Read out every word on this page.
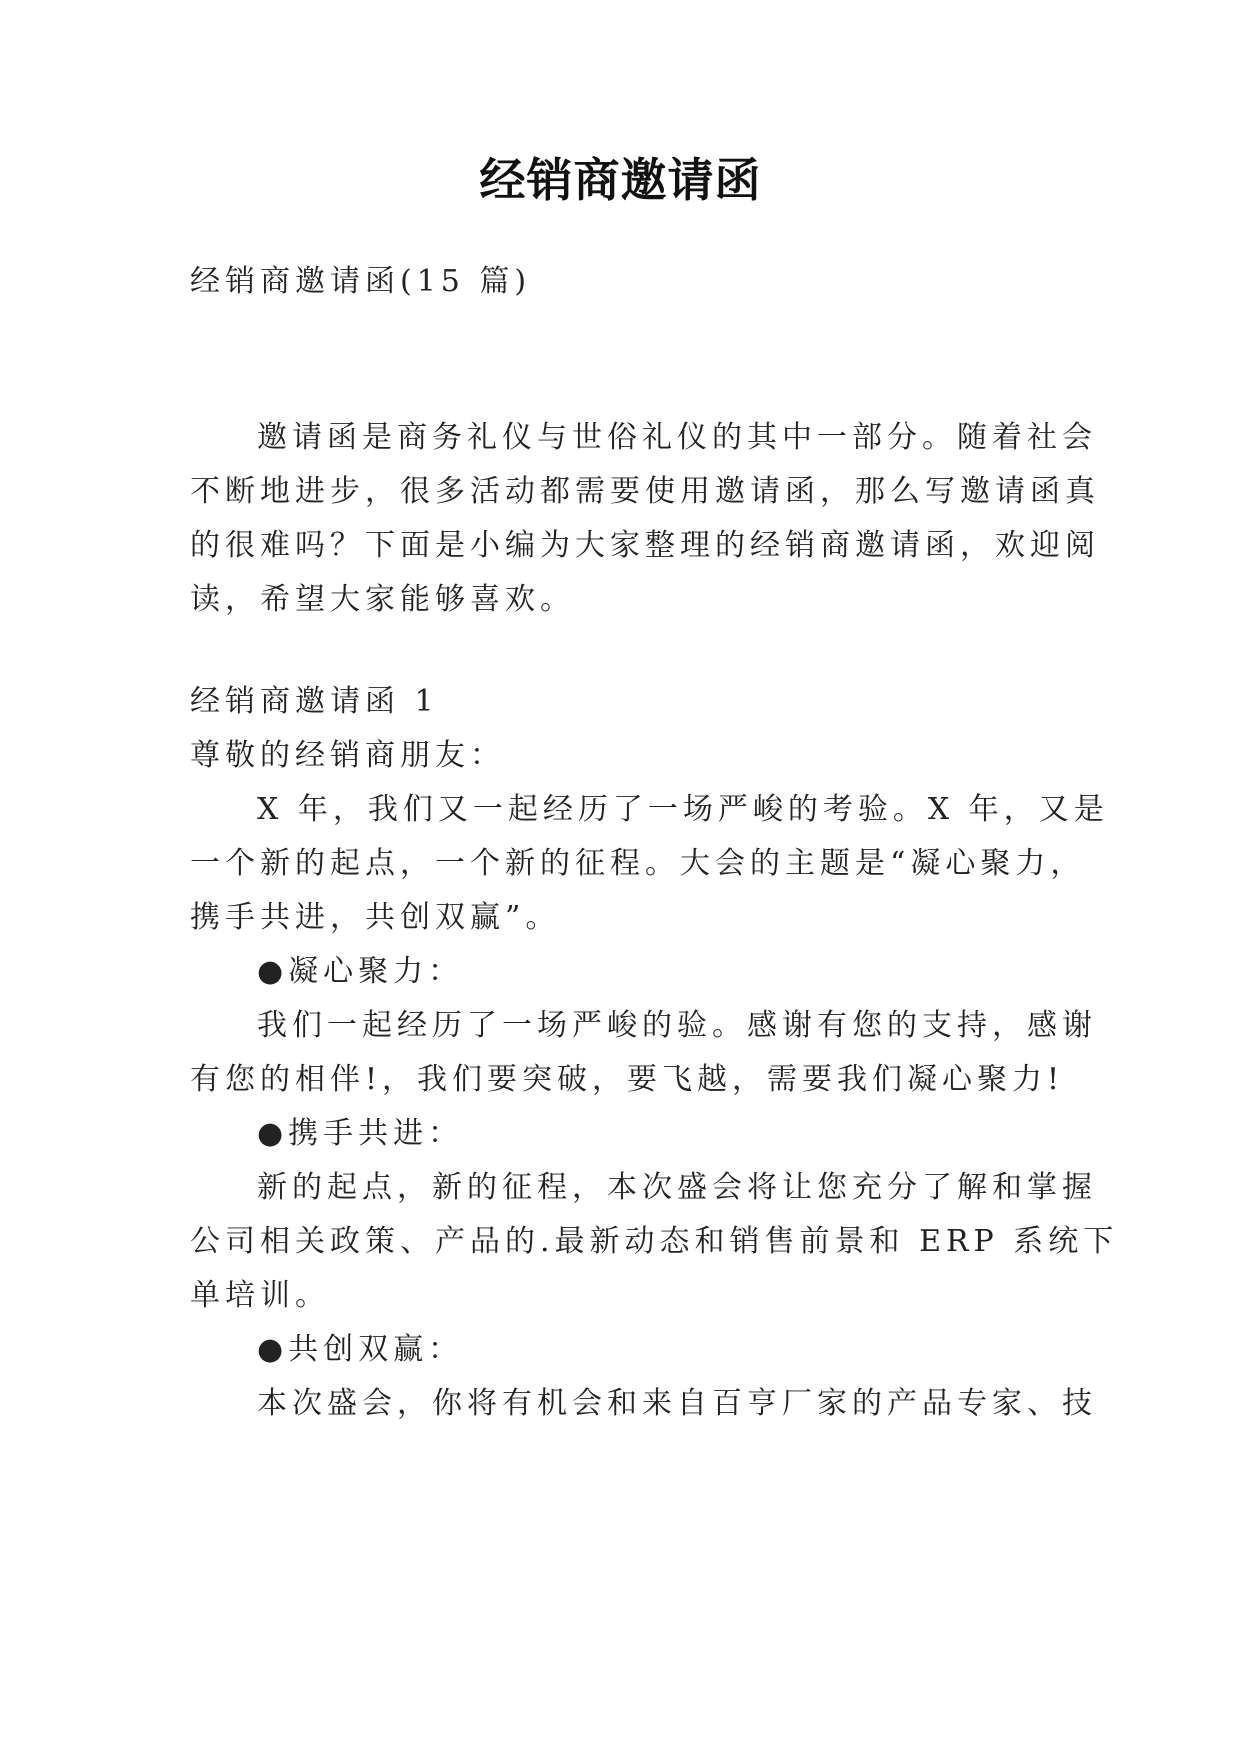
经销商邀请函
经销商邀请函(15 篇)
邀请函是商务礼仪与世俗礼仪的其中一部分。随着社会
不断地进步，很多活动都需要使用邀请函，那么写邀请函真
的很难吗？下面是小编为大家整理的经销商邀请函，欢迎阅
读，希望大家能够喜欢。
经销商邀请函 1
尊敬的经销商朋友：
X 年，我们又一起经历了一场严峻的考验。X 年，又是
一个新的起点，一个新的征程。大会的主题是“凝心聚力，
携手共进，共创双赢”。
●凝心聚力：
我们一起经历了一场严峻的验。感谢有您的支持，感谢
有您的相伴!，我们要突破，要飞越，需要我们凝心聚力!
●携手共进：
新的起点，新的征程，本次盛会将让您充分了解和掌握
公司相关政策、产品的.最新动态和销售前景和 ERP 系统下
单培训。
●共创双赢：
本次盛会，你将有机会和来自百亨厂家的产品专家、技
